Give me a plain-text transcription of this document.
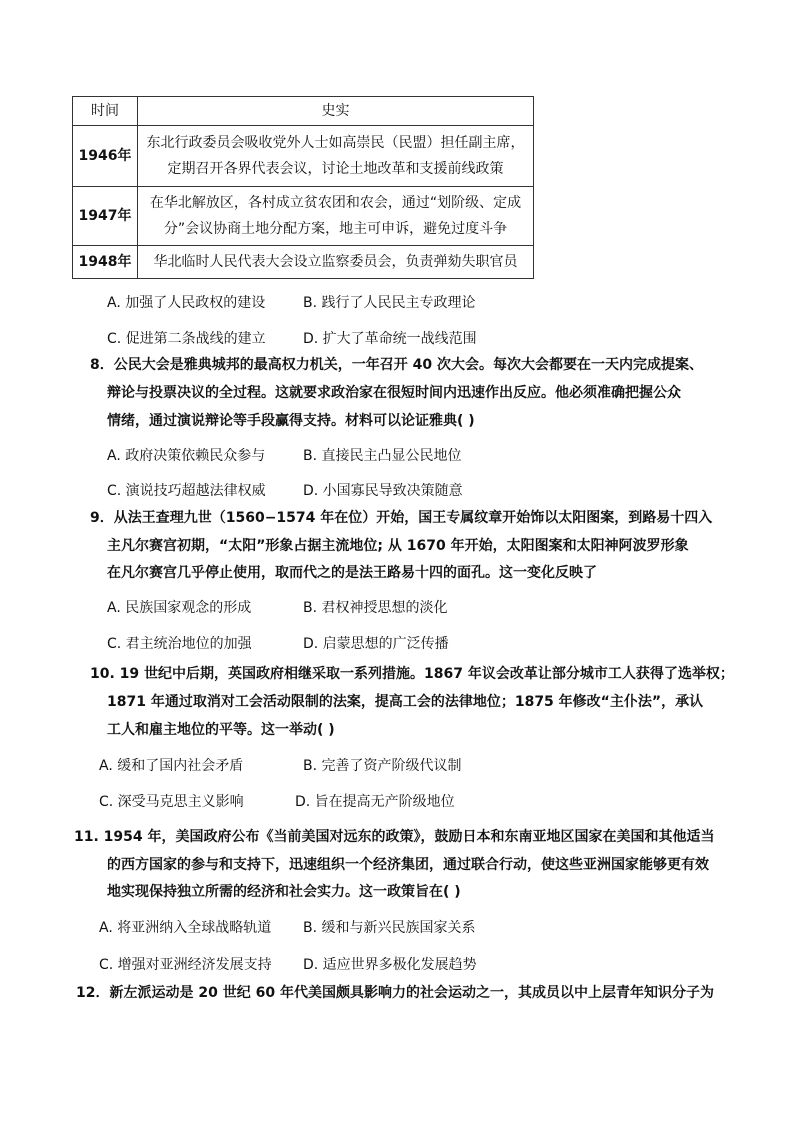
时间	史实
1946年	东北行政委员会吸收党外人士如高崇民（民盟）担任副主席，定期召开各界代表会议，讨论土地改革和支援前线政策
1947年	在华北解放区，各村成立贫农团和农会，通过“划阶级、定成分”会议协商土地分配方案，地主可申诉，避免过度斗争
1948年	华北临时人民代表大会设立监察委员会，负责弹劾失职官员
A. 加强了人民政权的建设	B. 践行了人民民主专政理论
C. 促进第二条战线的建立	D. 扩大了革命统一战线范围
8．公民大会是雅典城邦的最高权力机关，一年召开 40 次大会。每次大会都要在一天内完成提案、
辩论与投票决议的全过程。这就要求政治家在很短时间内迅速作出反应。他必须准确把握公众
情绪，通过演说辩论等手段赢得支持。材料可以论证雅典( )
A. 政府决策依赖民众参与	B. 直接民主凸显公民地位
C. 演说技巧超越法律权威	D. 小国寡民导致决策随意
9．从法王查理九世（1560−1574 年在位）开始，国王专属纹章开始饰以太阳图案，到路易十四入
主凡尔赛宫初期，“太阳”形象占据主流地位; 从 1670 年开始，太阳图案和太阳神阿波罗形象
在凡尔赛宫几乎停止使用，取而代之的是法王路易十四的面孔。这一变化反映了
A. 民族国家观念的形成	B. 君权神授思想的淡化
C. 君主统治地位的加强	D. 启蒙思想的广泛传播
10. 19 世纪中后期，英国政府相继采取一系列措施。1867 年议会改革让部分城市工人获得了选举权；
1871 年通过取消对工会活动限制的法案，提高工会的法律地位；1875 年修改“主仆法”，承认
工人和雇主地位的平等。这一举动( )
A. 缓和了国内社会矛盾	B. 完善了资产阶级代议制
C. 深受马克思主义影响	D. 旨在提高无产阶级地位
11. 1954 年，美国政府公布《当前美国对远东的政策》，鼓励日本和东南亚地区国家在美国和其他适当
的西方国家的参与和支持下，迅速组织一个经济集团，通过联合行动，使这些亚洲国家能够更有效
地实现保持独立所需的经济和社会实力。这一政策旨在( )
A. 将亚洲纳入全球战略轨道 B. 缓和与新兴民族国家关系
C. 增强对亚洲经济发展支持 D. 适应世界多极化发展趋势
12．新左派运动是 20 世纪 60 年代美国颇具影响力的社会运动之一，其成员以中上层青年知识分子为
